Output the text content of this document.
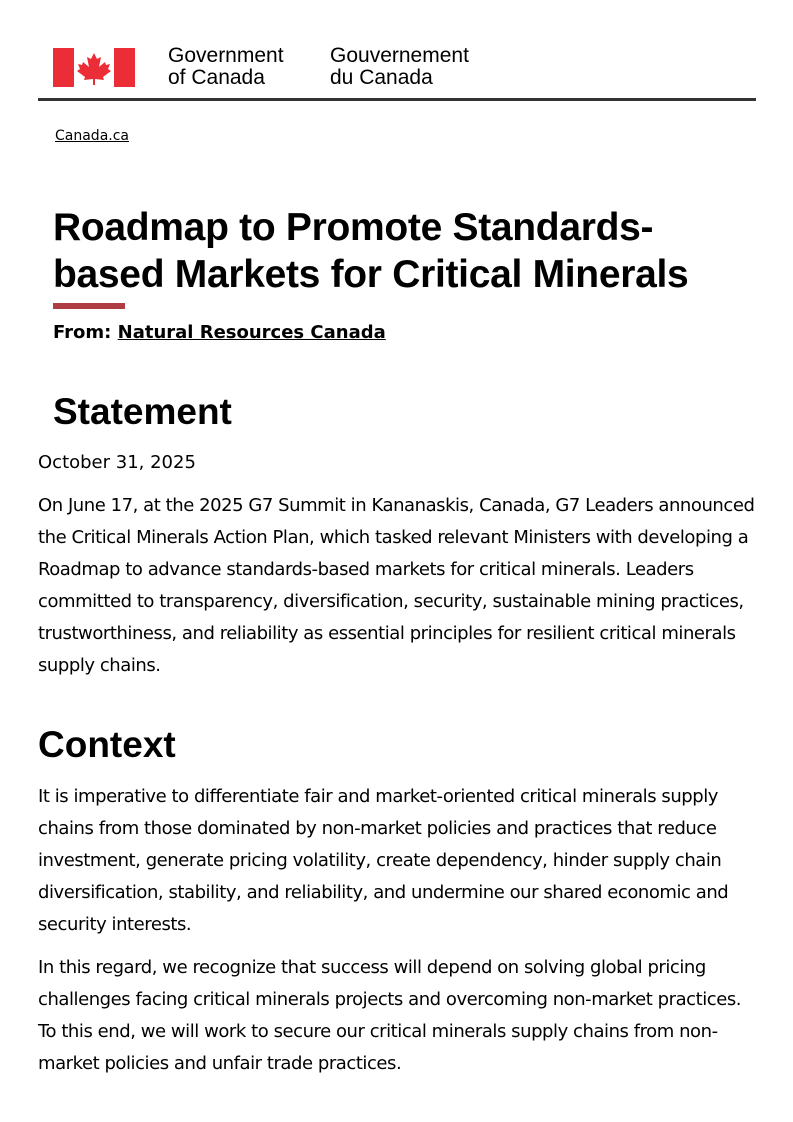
Government
of Canada
Gouvernement
du Canada
Canada.ca
Roadmap to Promote Standards-based Markets for Critical Minerals
From: Natural Resources Canada
Statement
October 31, 2025

On June 17, at the 2025 G7 Summit in Kananaskis, Canada, G7 Leaders announced the Critical Minerals Action Plan, which tasked relevant Ministers with developing a Roadmap to advance standards-based markets for critical minerals. Leaders committed to transparency, diversification, security, sustainable mining practices, trustworthiness, and reliability as essential principles for resilient critical minerals supply chains.

Context

It is imperative to differentiate fair and market-oriented critical minerals supply chains from those dominated by non-market policies and practices that reduce investment, generate pricing volatility, create dependency, hinder supply chain diversification, stability, and reliability, and undermine our shared economic and security interests.

In this regard, we recognize that success will depend on solving global pricing challenges facing critical minerals projects and overcoming non-market practices. To this end, we will work to secure our critical minerals supply chains from non-market policies and unfair trade practices.
